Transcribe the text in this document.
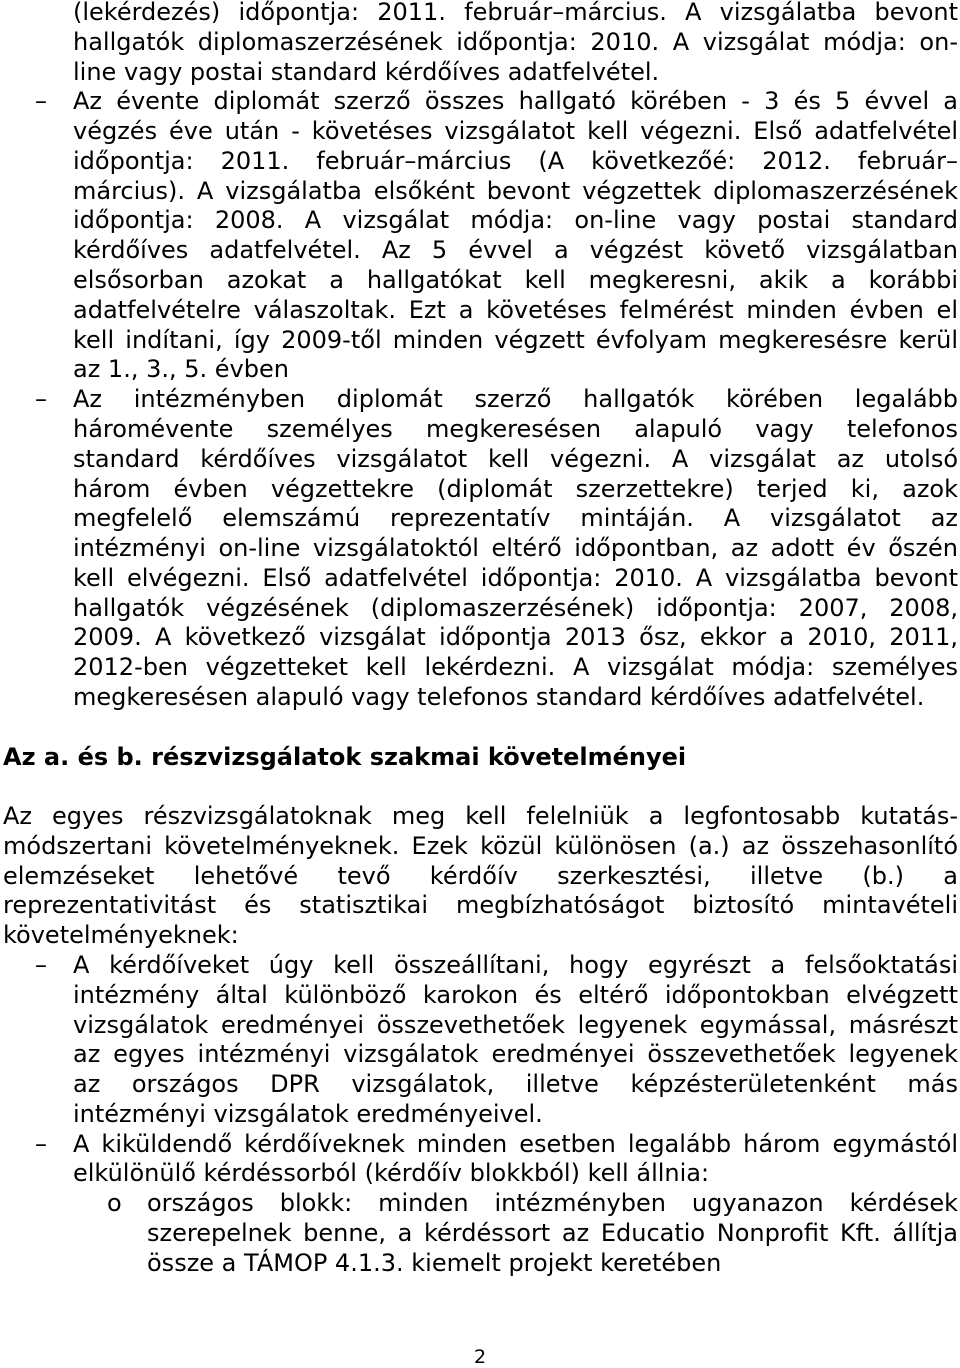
(lekérdezés) időpontja: 2011. február–március. A vizsgálatba bevont
hallgatók diplomaszerzésének időpontja: 2010. A vizsgálat módja: on-
line vagy postai standard kérdőíves adatfelvétel.
– Az évente diplomát szerző összes hallgató körében - 3 és 5 évvel a
végzés éve után - követéses vizsgálatot kell végezni. Első adatfelvétel
időpontja: 2011. február–március (A következőé: 2012. február–
március). A vizsgálatba elsőként bevont végzettek diplomaszerzésének
időpontja: 2008. A vizsgálat módja: on-line vagy postai standard
kérdőíves adatfelvétel. Az 5 évvel a végzést követő vizsgálatban
elsősorban azokat a hallgatókat kell megkeresni, akik a korábbi
adatfelvételre válaszoltak. Ezt a követéses felmérést minden évben el
kell indítani, így 2009-től minden végzett évfolyam megkeresésre kerül
az 1., 3., 5. évben
– Az intézményben diplomát szerző hallgatók körében legalább
háromévente személyes megkeresésen alapuló vagy telefonos
standard kérdőíves vizsgálatot kell végezni. A vizsgálat az utolsó
három évben végzettekre (diplomát szerzettekre) terjed ki, azok
megfelelő elemszámú reprezentatív mintáján. A vizsgálatot az
intézményi on-line vizsgálatoktól eltérő időpontban, az adott év őszén
kell elvégezni. Első adatfelvétel időpontja: 2010. A vizsgálatba bevont
hallgatók végzésének (diplomaszerzésének) időpontja: 2007, 2008,
2009. A következő vizsgálat időpontja 2013 ősz, ekkor a 2010, 2011,
2012-ben végzetteket kell lekérdezni. A vizsgálat módja: személyes
megkeresésen alapuló vagy telefonos standard kérdőíves adatfelvétel.
Az a. és b. részvizsgálatok szakmai követelményei
Az egyes részvizsgálatoknak meg kell felelniük a legfontosabb kutatás-
módszertani követelményeknek. Ezek közül különösen (a.) az összehasonlító
elemzéseket lehetővé tevő kérdőív szerkesztési, illetve (b.) a
reprezentativitást és statisztikai megbízhatóságot biztosító mintavételi
követelményeknek:
– A kérdőíveket úgy kell összeállítani, hogy egyrészt a felsőoktatási
intézmény által különböző karokon és eltérő időpontokban elvégzett
vizsgálatok eredményei összevethetőek legyenek egymással, másrészt
az egyes intézményi vizsgálatok eredményei összevethetőek legyenek
az országos DPR vizsgálatok, illetve képzésterületenként más
intézményi vizsgálatok eredményeivel.
– A kiküldendő kérdőíveknek minden esetben legalább három egymástól
elkülönülő kérdéssorból (kérdőív blokkból) kell állnia:
o országos blokk: minden intézményben ugyanazon kérdések
szerepelnek benne, a kérdéssort az Educatio Nonprofit Kft. állítja
össze a TÁMOP 4.1.3. kiemelt projekt keretében
2
